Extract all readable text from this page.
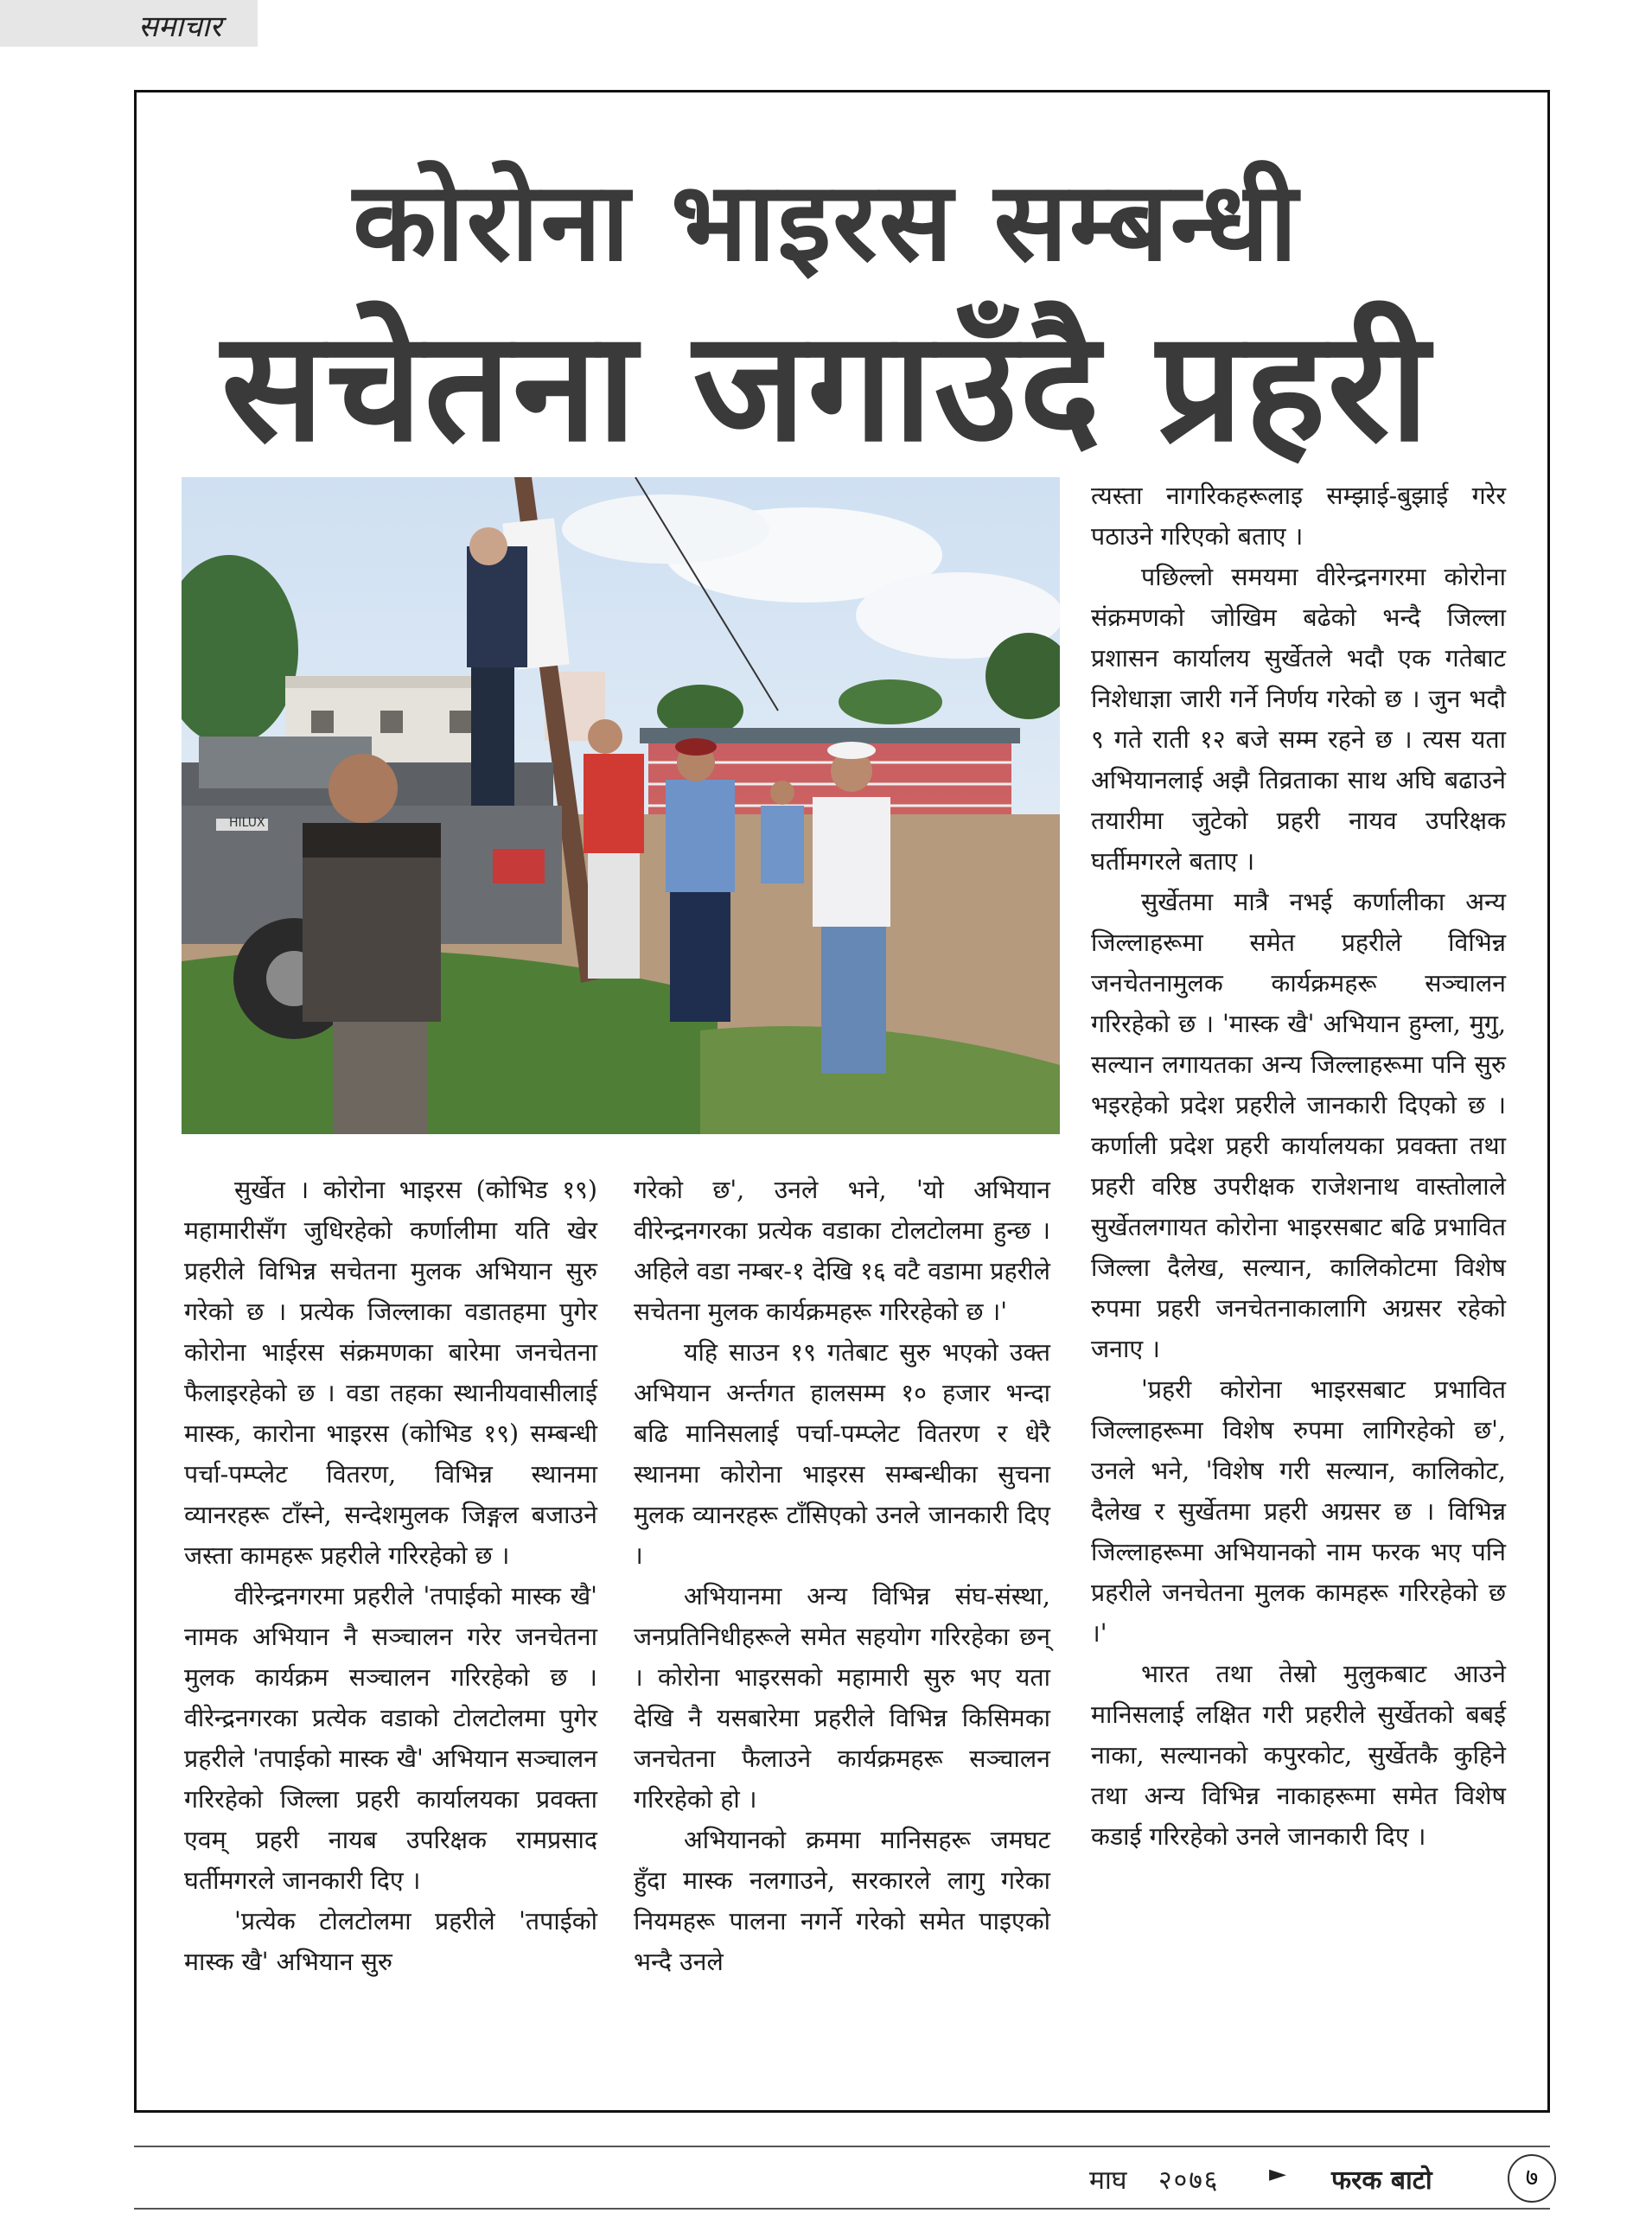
समाचार
कोरोना भाइरस सम्बन्धी
सचेतना जगाउँदै प्रहरी
HILUX

सुर्खेत । कोरोना भाइरस (कोभिड १९) महामारीसँग जुधिरहेको कर्णालीमा यति खेर प्रहरीले विभिन्न सचेतना मुलक अभियान सुरु गरेको छ । प्रत्येक जिल्लाका वडातहमा पुगेर कोरोना भाईरस संक्रमणका बारेमा जनचेतना फैलाइरहेको छ । वडा तहका स्थानीयवासीलाई मास्क, कारोना भाइरस (कोभिड १९) सम्बन्धी पर्चा-पम्प्लेट वितरण, विभिन्न स्थानमा व्यानरहरू टाँस्ने, सन्देशमुलक जिङ्गल बजाउने जस्ता कामहरू प्रहरीले गरिरहेको छ ।

वीरेन्द्रनगरमा प्रहरीले 'तपाईको मास्क खै' नामक अभियान नै सञ्चालन गरेर जनचेतना मुलक कार्यक्रम सञ्चालन गरिरहेको छ । वीरेन्द्रनगरका प्रत्येक वडाको टोलटोलमा पुगेर प्रहरीले 'तपाईको मास्क खै' अभियान सञ्चालन गरिरहेको जिल्ला प्रहरी कार्यालयका प्रवक्ता एवम् प्रहरी नायब उपरिक्षक रामप्रसाद घर्तीमगरले जानकारी दिए ।

'प्रत्येक टोलटोलमा प्रहरीले 'तपाईको मास्क खै' अभियान सुरु

गरेको छ', उनले भने, 'यो अभियान वीरेन्द्रनगरका प्रत्येक वडाका टोलटोलमा हुन्छ । अहिले वडा नम्बर-१ देखि १६ वटै वडामा प्रहरीले सचेतना मुलक कार्यक्रमहरू गरिरहेको छ ।'

यहि साउन १९ गतेबाट सुरु भएको उक्त अभियान अर्न्तगत हालसम्म १० हजार भन्दा बढि मानिसलाई पर्चा-पम्प्लेट वितरण र धेरै स्थानमा कोरोना भाइरस सम्बन्धीका सुचना मुलक व्यानरहरू टाँसिएको उनले जानकारी दिए ।

अभियानमा अन्य विभिन्न संघ-संस्था, जनप्रतिनिधीहरूले समेत सहयोग गरिरहेका छन् । कोरोना भाइरसको महामारी सुरु भए यता देखि नै यसबारेमा प्रहरीले विभिन्न किसिमका जनचेतना फैलाउने कार्यक्रमहरू सञ्चालन गरिरहेको हो ।

अभियानको क्रममा मानिसहरू जमघट हुँदा मास्क नलगाउने, सरकारले लागु गरेका नियमहरू पालना नगर्ने गरेको समेत पाइएको भन्दै उनले

त्यस्ता नागरिकहरूलाइ सम्झाई-बुझाई गरेर पठाउने गरिएको बताए ।

पछिल्लो समयमा वीरेन्द्रनगरमा कोरोना संक्रमणको जोखिम बढेको भन्दै जिल्ला प्रशासन कार्यालय सुर्खेतले भदौ एक गतेबाट निशेधाज्ञा जारी गर्ने निर्णय गरेको छ । जुन भदौ ९ गते राती १२ बजे सम्म रहने छ । त्यस यता अभियानलाई अझै तिव्रताका साथ अघि बढाउने तयारीमा जुटेको प्रहरी नायव उपरिक्षक घर्तीमगरले बताए ।

सुर्खेतमा मात्रै नभई कर्णालीका अन्य जिल्लाहरूमा समेत प्रहरीले विभिन्न जनचेतनामुलक कार्यक्रमहरू सञ्चालन गरिरहेको छ । 'मास्क खै' अभियान हुम्ला, मुगु, सल्यान लगायतका अन्य जिल्लाहरूमा पनि सुरु भइरहेको प्रदेश प्रहरीले जानकारी दिएको छ । कर्णाली प्रदेश प्रहरी कार्यालयका प्रवक्ता तथा प्रहरी वरिष्ठ उपरीक्षक राजेशनाथ वास्तोलाले सुर्खेतलगायत कोरोना भाइरसबाट बढि प्रभावित जिल्ला दैलेख, सल्यान, कालिकोटमा विशेष रुपमा प्रहरी जनचेतनाकालागि अग्रसर रहेको जनाए ।

'प्रहरी कोरोना भाइरसबाट प्रभावित जिल्लाहरूमा विशेष रुपमा लागिरहेको छ', उनले भने, 'विशेष गरी सल्यान, कालिकोट, दैलेख र सुर्खेतमा प्रहरी अग्रसर छ । विभिन्न जिल्लाहरूमा अभियानको नाम फरक भए पनि प्रहरीले जनचेतना मुलक कामहरू गरिरहेको छ ।'

भारत तथा तेस्रो मुलुकबाट आउने मानिसलाई लक्षित गरी प्रहरीले सुर्खेतको बबई नाका, सल्यानको कपुरकोट, सुर्खेतकै कुहिने तथा अन्य विभिन्न नाकाहरूमा समेत विशेष कडाई गरिरहेको उनले जानकारी दिए ।

माघ २०७६ ► फरक बाटो	७
